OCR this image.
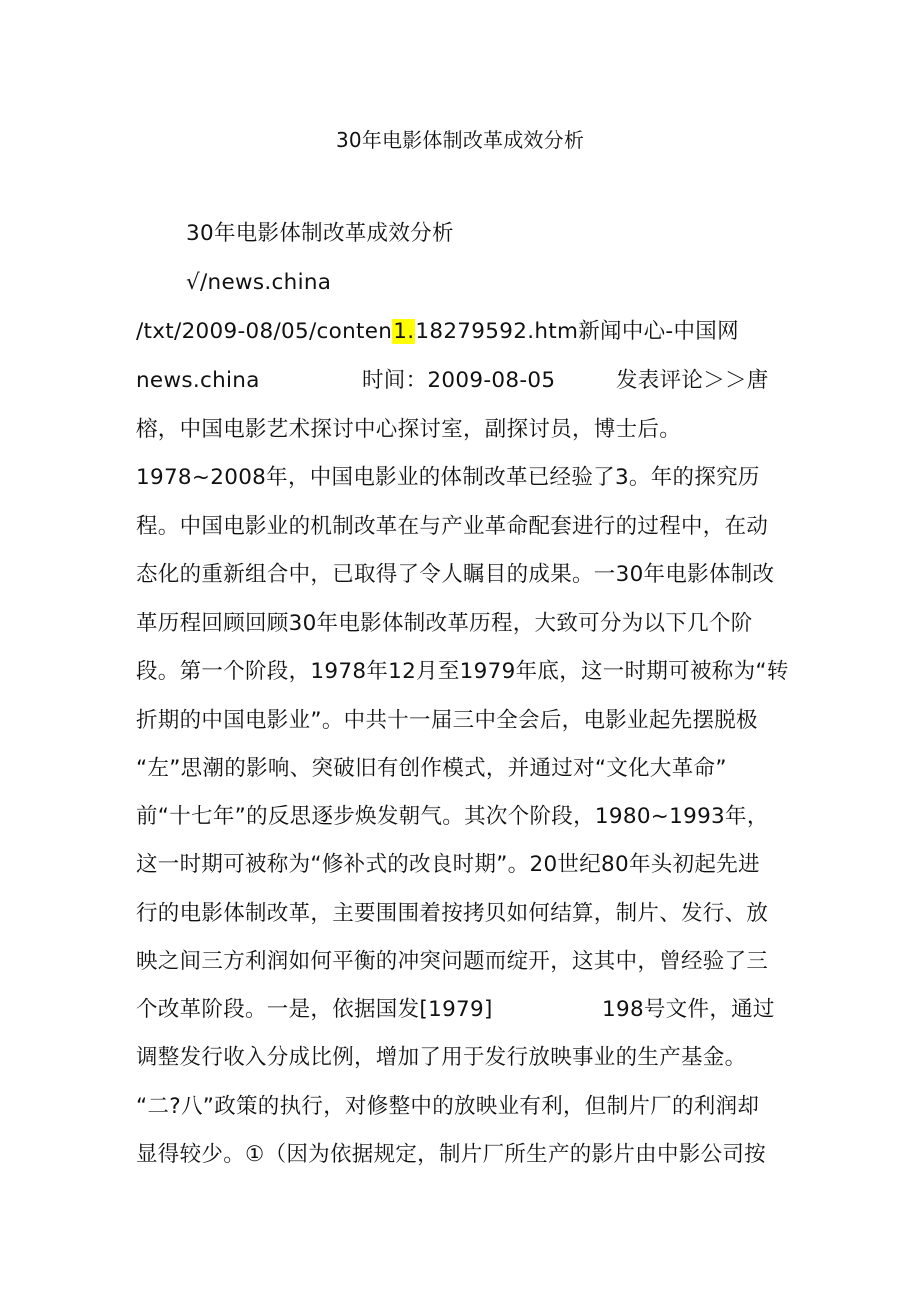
30年电影体制改革成效分析
30年电影体制改革成效分析
√∕news.china
∕txt∕2009-08∕05∕conten1.18279592.htm新闻中心-中国网
news.china	时间：2009-08-05	发表评论＞＞唐
榕，中国电影艺术探讨中心探讨室，副探讨员，博士后。
1978~2008年，中国电影业的体制改革已经验了3。年的探究历
程。中国电影业的机制改革在与产业革命配套进行的过程中，在动
态化的重新组合中，已取得了令人瞩目的成果。一30年电影体制改
革历程回顾回顾30年电影体制改革历程，大致可分为以下几个阶
段。第一个阶段，1978年12月至1979年底，这一时期可被称为“转
折期的中国电影业”。中共十一届三中全会后，电影业起先摆脱极
“左”思潮的影响、突破旧有创作模式，并通过对“文化大革命”
前“十七年”的反思逐步焕发朝气。其次个阶段，1980~1993年，
这一时期可被称为“修补式的改良时期”。20世纪80年头初起先进
行的电影体制改革，主要围围着按拷贝如何结算，制片、发行、放
映之间三方利润如何平衡的冲突问题而绽开，这其中，曾经验了三
个改革阶段。一是，依据国发[1979]	198号文件，通过
调整发行收入分成比例，增加了用于发行放映事业的生产基金。
“二?八”政策的执行，对修整中的放映业有利，但制片厂的利润却
显得较少。①（因为依据规定，制片厂所生产的影片由中影公司按
